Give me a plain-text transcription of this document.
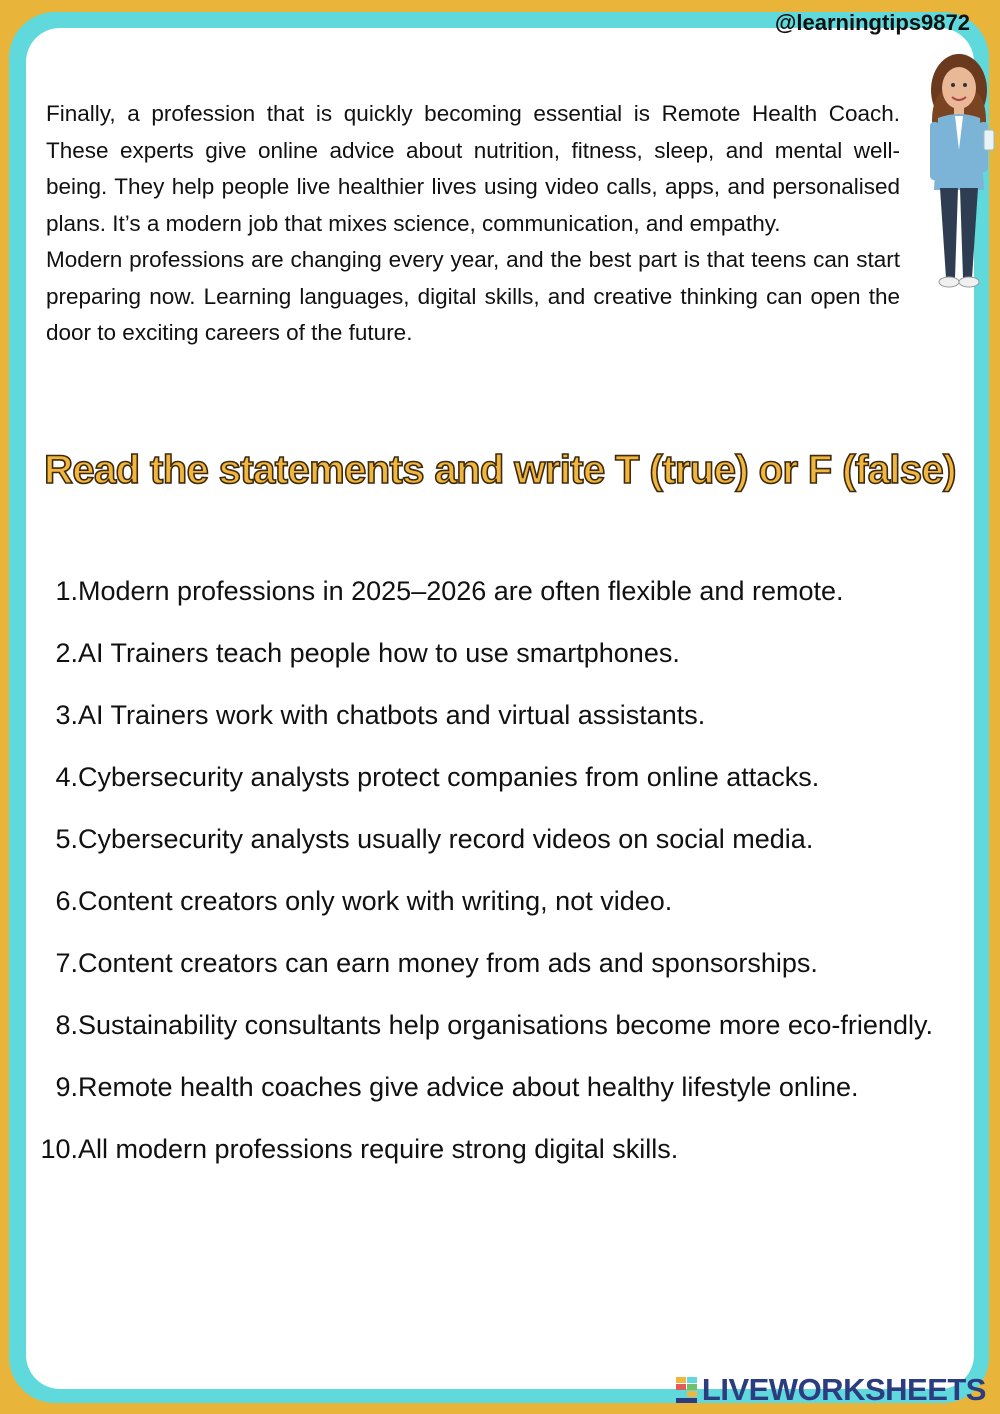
@learningtips9872

Finally, a profession that is quickly becoming essential is Remote Health Coach. These experts give online advice about nutrition, fitness, sleep, and mental well-being. They help people live healthier lives using video calls, apps, and personalised plans. It’s a modern job that mixes science, communication, and empathy.

Modern professions are changing every year, and the best part is that teens can start preparing now. Learning languages, digital skills, and creative thinking can open the door to exciting careers of the future.

Read the statements and write T (true) or F (false)
1. Modern professions in 2025–2026 are often flexible and remote.
2. AI Trainers teach people how to use smartphones.
3. AI Trainers work with chatbots and virtual assistants.
4. Cybersecurity analysts protect companies from online attacks.
5. Cybersecurity analysts usually record videos on social media.
6. Content creators only work with writing, not video.
7. Content creators can earn money from ads and sponsorships.
8. Sustainability consultants help organisations become more eco-friendly.
9. Remote health coaches give advice about healthy lifestyle online.
10. All modern professions require strong digital skills.
LIVEWORKSHEETS
